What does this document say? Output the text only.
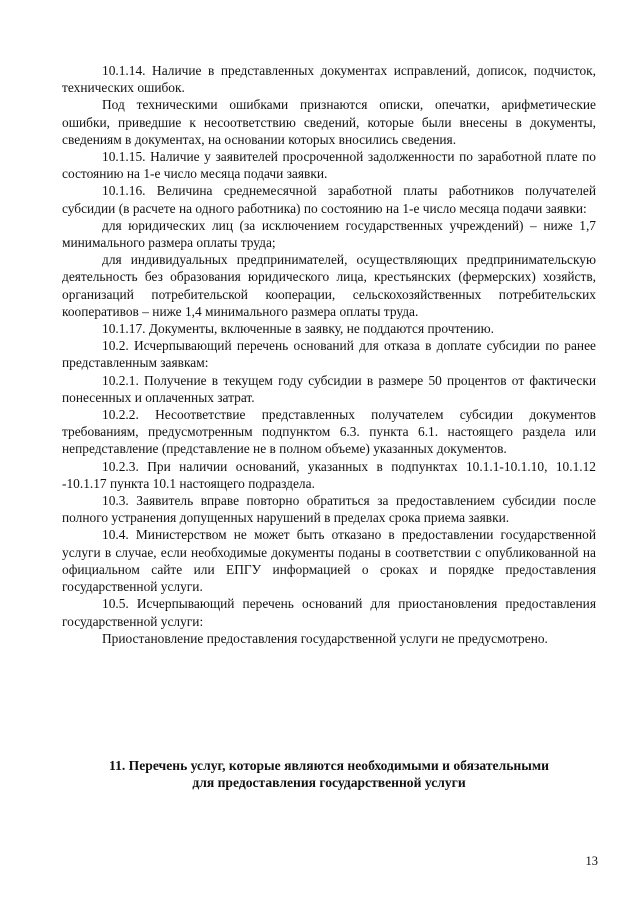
10.1.14. Наличие в представленных документах исправлений, дописок, подчисток, технических ошибок.

Под техническими ошибками признаются описки, опечатки, арифметические ошибки, приведшие к несоответствию сведений, которые были внесены в документы, сведениям в документах, на основании которых вносились сведения.

10.1.15. Наличие у заявителей просроченной задолженности по заработной плате по состоянию на 1-е число месяца подачи заявки.

10.1.16. Величина среднемесячной заработной платы работников получателей субсидии (в расчете на одного работника) по состоянию на 1-е число месяца подачи заявки:

для юридических лиц (за исключением государственных учреждений) – ниже 1,7 минимального размера оплаты труда;

для индивидуальных предпринимателей, осуществляющих предпринимательскую деятельность без образования юридического лица, крестьянских (фермерских) хозяйств, организаций потребительской кооперации, сельскохозяйственных потребительских кооперативов – ниже 1,4 минимального размера оплаты труда.

10.1.17. Документы, включенные в заявку, не поддаются прочтению.

10.2. Исчерпывающий перечень оснований для отказа в доплате субсидии по ранее представленным заявкам:

10.2.1. Получение в текущем году субсидии в размере 50 процентов от фактически понесенных и оплаченных затрат.

10.2.2. Несоответствие представленных получателем субсидии документов требованиям, предусмотренным подпунктом 6.3. пункта 6.1. настоящего раздела или непредставление (представление не в полном объеме) указанных документов.

10.2.3. При наличии оснований, указанных в подпунктах 10.1.1-10.1.10, 10.1.12 -10.1.17 пункта 10.1 настоящего подраздела.

10.3. Заявитель вправе повторно обратиться за предоставлением субсидии после полного устранения допущенных нарушений в пределах срока приема заявки.

10.4. Министерством не может быть отказано в предоставлении государственной услуги в случае, если необходимые документы поданы в соответствии с опубликованной на официальном сайте или ЕПГУ информацией о сроках и порядке предоставления государственной услуги.

10.5. Исчерпывающий перечень оснований для приостановления предоставления государственной услуги:

Приостановление предоставления государственной услуги не предусмотрено.

11. Перечень услуг, которые являются необходимыми и обязательными
для предоставления государственной услуги
13
